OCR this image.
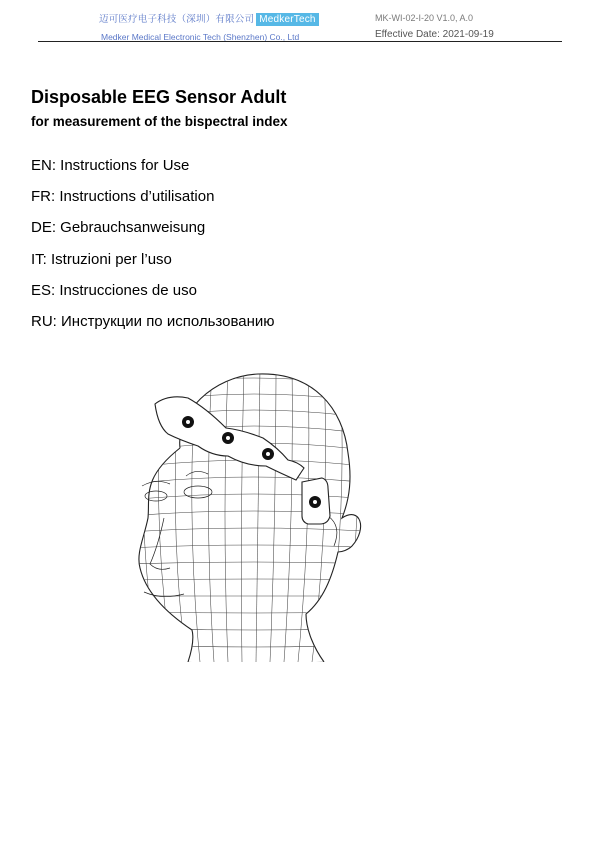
迈可医疗电子科技（深圳）有限公司 MedkerTech
Medker Medical Electronic Tech (Shenzhen) Co., Ltd
MK-WI-02-I-20 V1.0, A.0
Effective Date: 2021-09-19
Disposable EEG Sensor Adult
for measurement of the bispectral index
EN: Instructions for Use
FR: Instructions d’utilisation
DE: Gebrauchsanweisung
IT: Istruzioni per l’uso
ES: Instrucciones de uso
RU: Инструкции по использованию
